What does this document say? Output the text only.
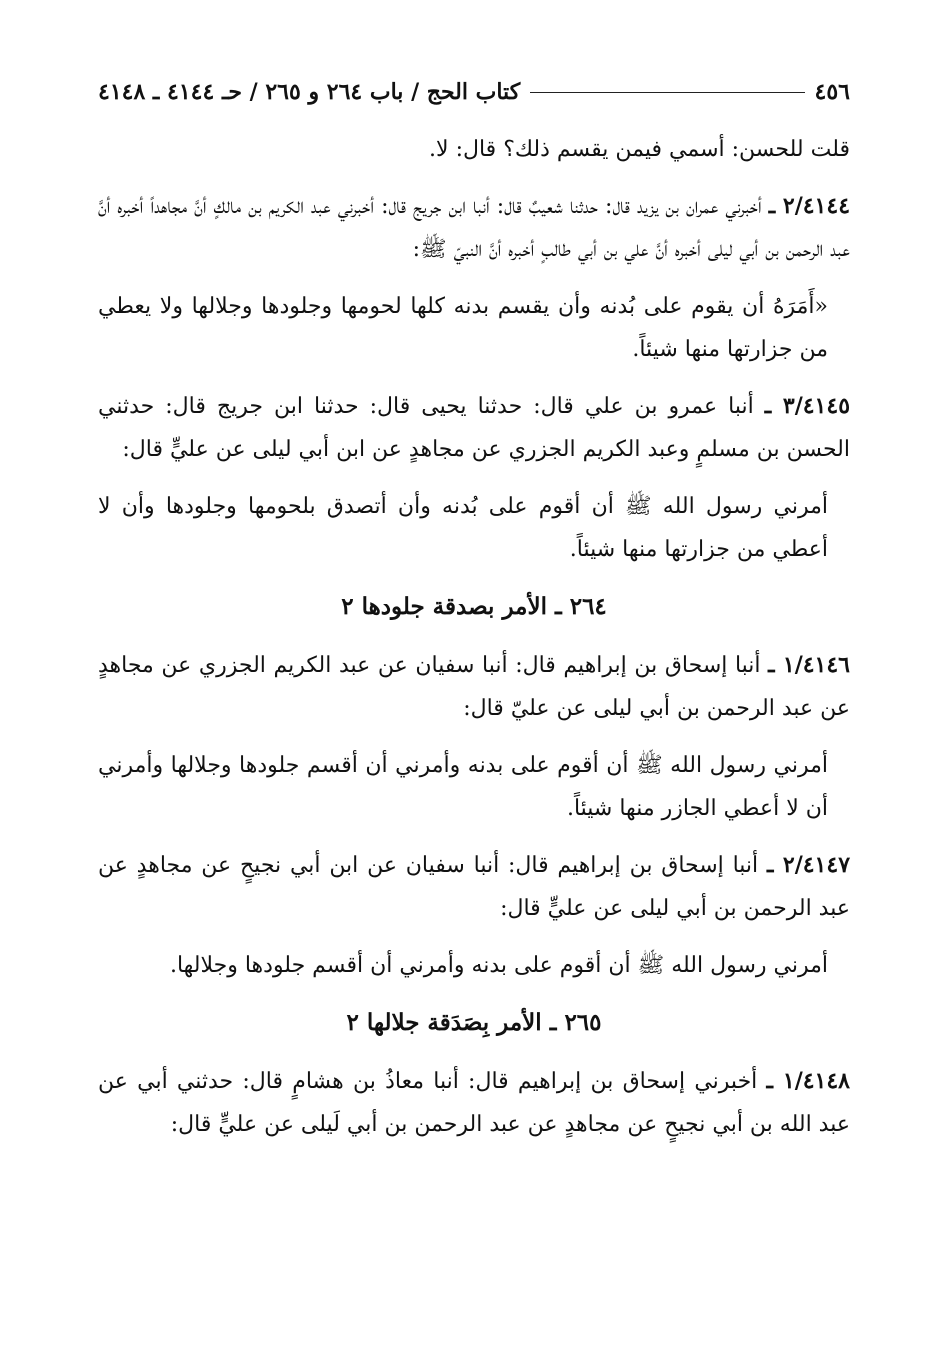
٤٥٦
كتاب الحج / باب ٢٦٤ و ٢٦٥ / حـ ٤١٤٤ ـ ٤١٤٨

قلت للحسن: أسمي فيمن يقسم ذلك؟ قال: لا.

٢/٤١٤٤ ـ أخبرني عمران بن يزيد قال: حدثنا شعيبٌ قال: أنبا ابن جريج قال: أخبرني عبد الكريم بن مالكٍ أنَّ مجاهداً أخبره أنَّ عبد الرحمن بن أبي ليلى أخبره أنَّ علي بن أبي طالبٍ أخبره أنَّ النبيّ ﷺ:

«أَمَرَهُ أن يقوم على بُدنه وأن يقسم بدنه كلها لحومها وجلودها وجلالها ولا يعطي من جزارتها منها شيئاً.

٣/٤١٤٥ ـ أنبا عمرو بن علي قال: حدثنا يحيى قال: حدثنا ابن جريج قال: حدثني الحسن بن مسلمٍ وعبد الكريم الجزري عن مجاهدٍ عن ابن أبي ليلى عن عليٍّ قال:

أمرني رسول الله ﷺ أن أقوم على بُدنه وأن أتصدق بلحومها وجلودها وأن لا أعطي من جزارتها منها شيئاً.

٢٦٤ ـ الأمر بصدقة جلودها ٢

١/٤١٤٦ ـ أنبا إسحاق بن إبراهيم قال: أنبا سفيان عن عبد الكريم الجزري عن مجاهدٍ عن عبد الرحمن بن أبي ليلى عن عليّ قال:

أمرني رسول الله ﷺ أن أقوم على بدنه وأمرني أن أقسم جلودها وجلالها وأمرني أن لا أعطي الجازر منها شيئاً.

٢/٤١٤٧ ـ أنبا إسحاق بن إبراهيم قال: أنبا سفيان عن ابن أبي نجيحٍ عن مجاهدٍ عن عبد الرحمن بن أبي ليلى عن عليٍّ قال:

أمرني رسول الله ﷺ أن أقوم على بدنه وأمرني أن أقسم جلودها وجلالها.

٢٦٥ ـ الأمر بِصَدَقة جلالها ٢

١/٤١٤٨ ـ أخبرني إسحاق بن إبراهيم قال: أنبا معاذُ بن هشامٍ قال: حدثني أبي عن عبد الله بن أبي نجيحٍ عن مجاهدٍ عن عبد الرحمن بن أبي لَيلى عن عليٍّ قال:
